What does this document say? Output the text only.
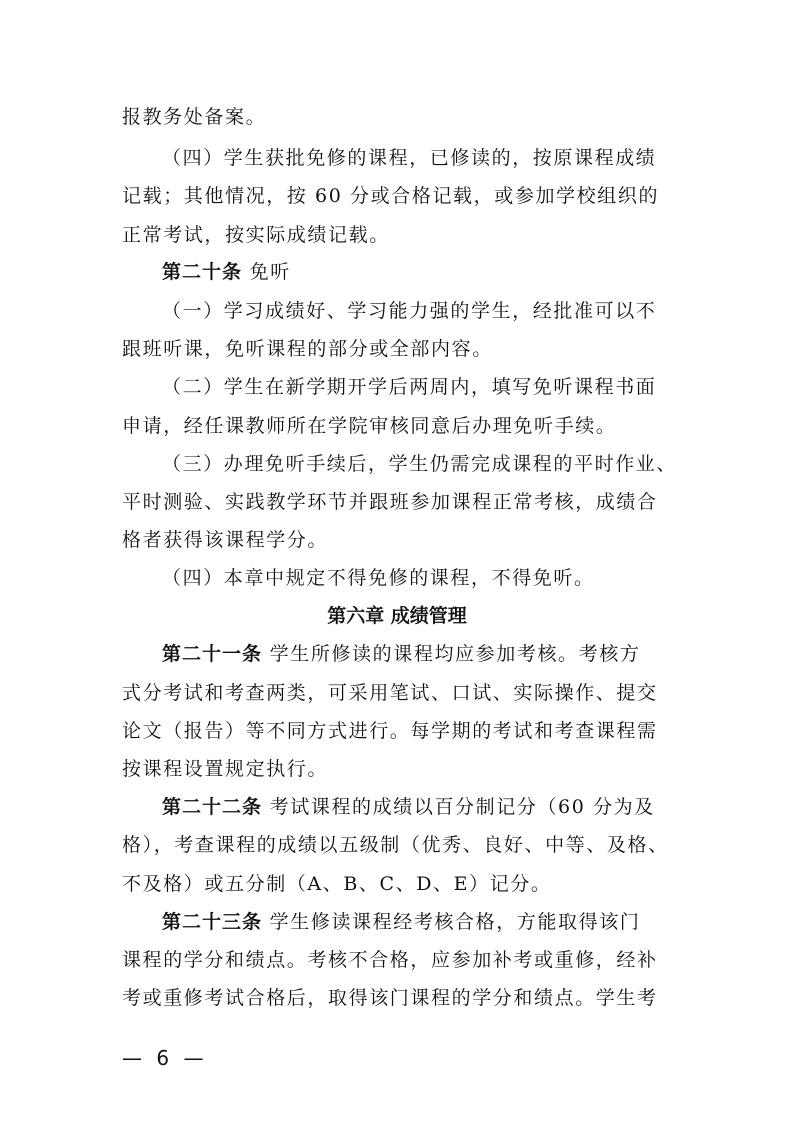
报教务处备案。
（四）学生获批免修的课程，已修读的，按原课程成绩
记载；其他情况，按 60 分或合格记载，或参加学校组织的
正常考试，按实际成绩记载。
第二十条 免听
（一）学习成绩好、学习能力强的学生，经批准可以不
跟班听课，免听课程的部分或全部内容。
（二）学生在新学期开学后两周内，填写免听课程书面
申请，经任课教师所在学院审核同意后办理免听手续。
（三）办理免听手续后，学生仍需完成课程的平时作业、
平时测验、实践教学环节并跟班参加课程正常考核，成绩合
格者获得该课程学分。
（四）本章中规定不得免修的课程，不得免听。
第六章 成绩管理
第二十一条 学生所修读的课程均应参加考核。考核方
式分考试和考查两类，可采用笔试、口试、实际操作、提交
论文（报告）等不同方式进行。每学期的考试和考查课程需
按课程设置规定执行。
第二十二条 考试课程的成绩以百分制记分（60 分为及
格），考查课程的成绩以五级制（优秀、良好、中等、及格、
不及格）或五分制（A、B、C、D、E）记分。
第二十三条 学生修读课程经考核合格，方能取得该门
课程的学分和绩点。考核不合格，应参加补考或重修，经补
考或重修考试合格后，取得该门课程的学分和绩点。学生考
— 6 —
